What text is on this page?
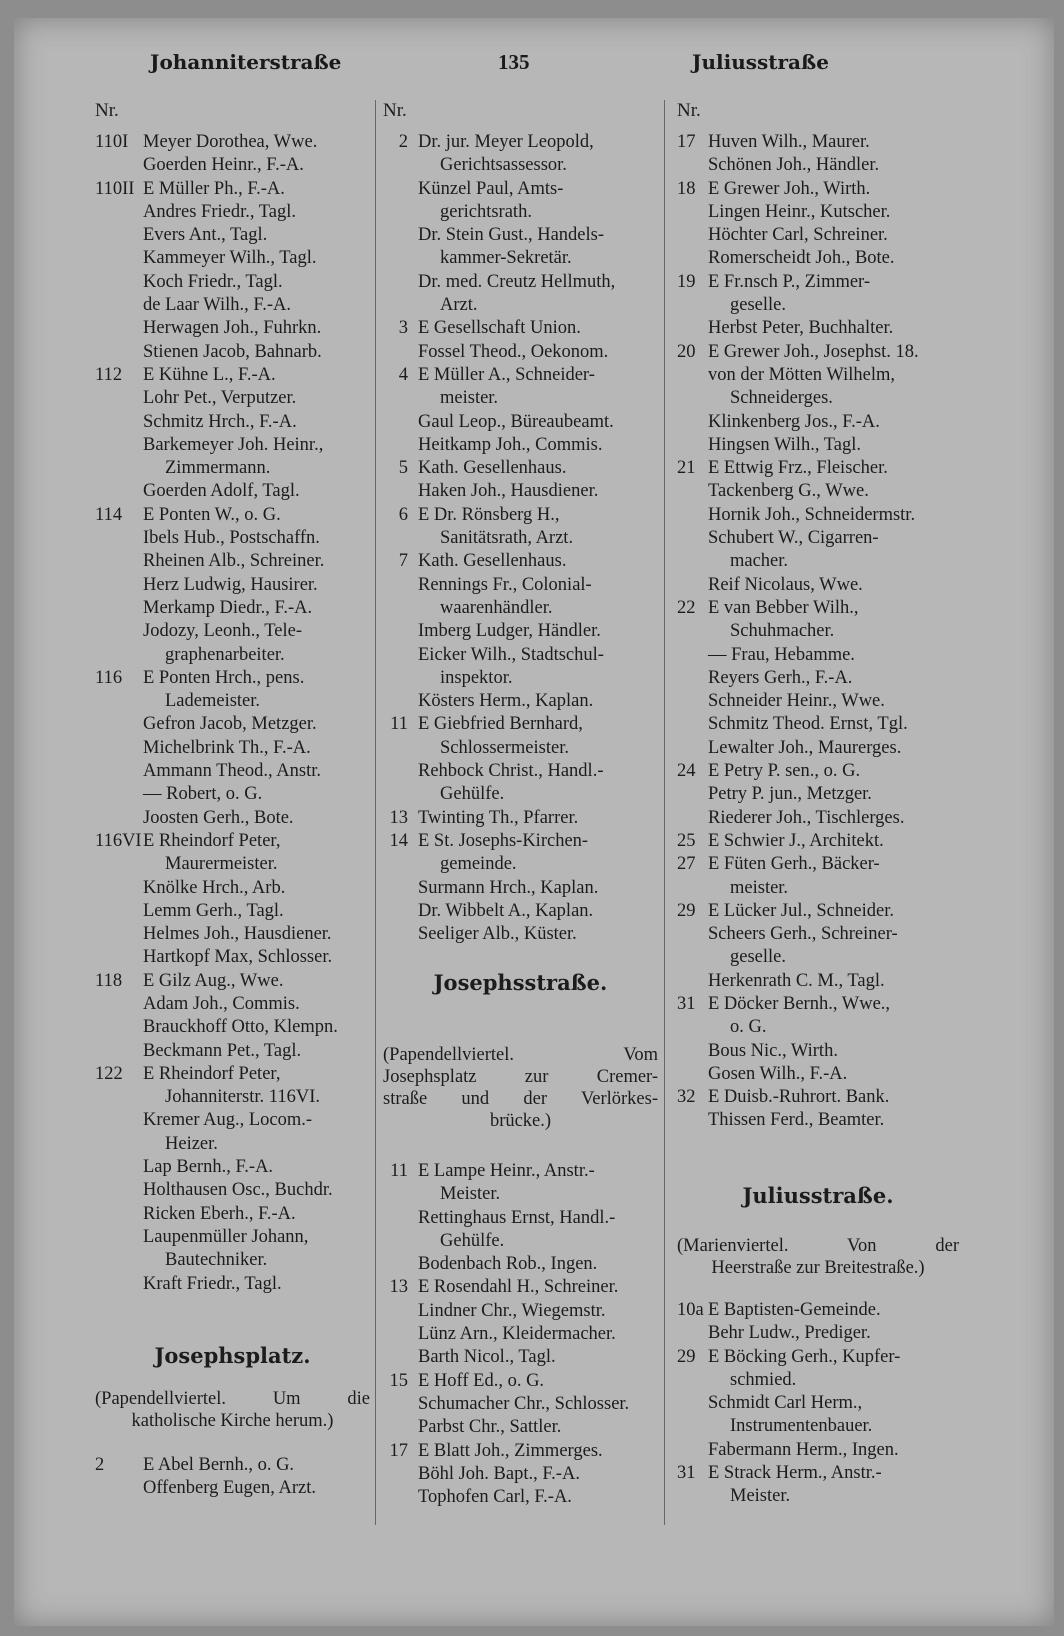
Johanniterstraße	135	Juliusstraße
Nr.
110I Meyer Dorothea, Wwe.
Goerden Heinr., F.-A.
110II E Müller Ph., F.-A.
Andres Friedr., Tagl.
Evers Ant., Tagl.
Kammeyer Wilh., Tagl.
Koch Friedr., Tagl.
de Laar Wilh., F.-A.
Herwagen Joh., Fuhrkn.
Stienen Jacob, Bahnarb.
112 E Kühne L., F.-A.
Lohr Pet., Verputzer.
Schmitz Hrch., F.-A.
Barkemeyer Joh. Heinr.,
Zimmermann.
Goerden Adolf, Tagl.
114 E Ponten W., o. G.
Ibels Hub., Postschaffn.
Rheinen Alb., Schreiner.
Herz Ludwig, Hausirer.
Merkamp Diedr., F.-A.
Jodozy, Leonh., Tele-
graphenarbeiter.
116 E Ponten Hrch., pens.
Lademeister.
Gefron Jacob, Metzger.
Michelbrink Th., F.-A.
Ammann Theod., Anstr.
— Robert, o. G.
Joosten Gerh., Bote.
116VI E Rheindorf Peter,
Maurermeister.
Knölke Hrch., Arb.
Lemm Gerh., Tagl.
Helmes Joh., Hausdiener.
Hartkopf Max, Schlosser.
118 E Gilz Aug., Wwe.
Adam Joh., Commis.
Brauckhoff Otto, Klempn.
Beckmann Pet., Tagl.
122 E Rheindorf Peter,
Johanniterstr. 116VI.
Kremer Aug., Locom.-
Heizer.
Lap Bernh., F.-A.
Holthausen Osc., Buchdr.
Ricken Eberh., F.-A.
Laupenmüller Johann,
Bautechniker.
Kraft Friedr., Tagl.
Josephsplatz.
(Papendellviertel. Um die
katholische Kirche herum.)
2 E Abel Bernh., o. G.
Offenberg Eugen, Arzt.
Nr.
2 Dr. jur. Meyer Leopold,
Gerichtsassessor.
Künzel Paul, Amts-
gerichtsrath.
Dr. Stein Gust., Handels-
kammer-Sekretär.
Dr. med. Creutz Hellmuth,
Arzt.
3 E Gesellschaft Union.
Fossel Theod., Oekonom.
4 E Müller A., Schneider-
meister.
Gaul Leop., Büreaubeamt.
Heitkamp Joh., Commis.
5 Kath. Gesellenhaus.
Haken Joh., Hausdiener.
6 E Dr. Rönsberg H.,
Sanitätsrath, Arzt.
7 Kath. Gesellenhaus.
Rennings Fr., Colonial-
waarenhändler.
Imberg Ludger, Händler.
Eicker Wilh., Stadtschul-
inspektor.
Kösters Herm., Kaplan.
11 E Giebfried Bernhard,
Schlossermeister.
Rehbock Christ., Handl.-
Gehülfe.
13 Twinting Th., Pfarrer.
14 E St. Josephs-Kirchen-
gemeinde.
Surmann Hrch., Kaplan.
Dr. Wibbelt A., Kaplan.
Seeliger Alb., Küster.
Josephsstraße.
(Papendellviertel. Vom
Josephsplatz zur Cremer-
straße und der Verlörkes-
brücke.)
11 E Lampe Heinr., Anstr.-
Meister.
Rettinghaus Ernst, Handl.-
Gehülfe.
Bodenbach Rob., Ingen.
13 E Rosendahl H., Schreiner.
Lindner Chr., Wiegemstr.
Lünz Arn., Kleidermacher.
Barth Nicol., Tagl.
15 E Hoff Ed., o. G.
Schumacher Chr., Schlosser.
Parbst Chr., Sattler.
17 E Blatt Joh., Zimmerges.
Böhl Joh. Bapt., F.-A.
Tophofen Carl, F.-A.
Nr.
17 Huven Wilh., Maurer.
Schönen Joh., Händler.
18 E Grewer Joh., Wirth.
Lingen Heinr., Kutscher.
Höchter Carl, Schreiner.
Romerscheidt Joh., Bote.
19 E Fr.nsch P., Zimmer-
geselle.
Herbst Peter, Buchhalter.
20 E Grewer Joh., Josephst. 18.
von der Mötten Wilhelm,
Schneiderges.
Klinkenberg Jos., F.-A.
Hingsen Wilh., Tagl.
21 E Ettwig Frz., Fleischer.
Tackenberg G., Wwe.
Hornik Joh., Schneidermstr.
Schubert W., Cigarren-
macher.
Reif Nicolaus, Wwe.
22 E van Bebber Wilh.,
Schuhmacher.
— Frau, Hebamme.
Reyers Gerh., F.-A.
Schneider Heinr., Wwe.
Schmitz Theod. Ernst, Tgl.
Lewalter Joh., Maurerges.
24 E Petry P. sen., o. G.
Petry P. jun., Metzger.
Riederer Joh., Tischlerges.
25 E Schwier J., Architekt.
27 E Füten Gerh., Bäcker-
meister.
29 E Lücker Jul., Schneider.
Scheers Gerh., Schreiner-
geselle.
Herkenrath C. M., Tagl.
31 E Döcker Bernh., Wwe.,
o. G.
Bous Nic., Wirth.
Gosen Wilh., F.-A.
32 E Duisb.-Ruhrort. Bank.
Thissen Ferd., Beamter.
Juliusstraße.
(Marienviertel. Von der
Heerstraße zur Breitestraße.)
10a E Baptisten-Gemeinde.
Behr Ludw., Prediger.
29 E Böcking Gerh., Kupfer-
schmied.
Schmidt Carl Herm.,
Instrumentenbauer.
Fabermann Herm., Ingen.
31 E Strack Herm., Anstr.-
Meister.
